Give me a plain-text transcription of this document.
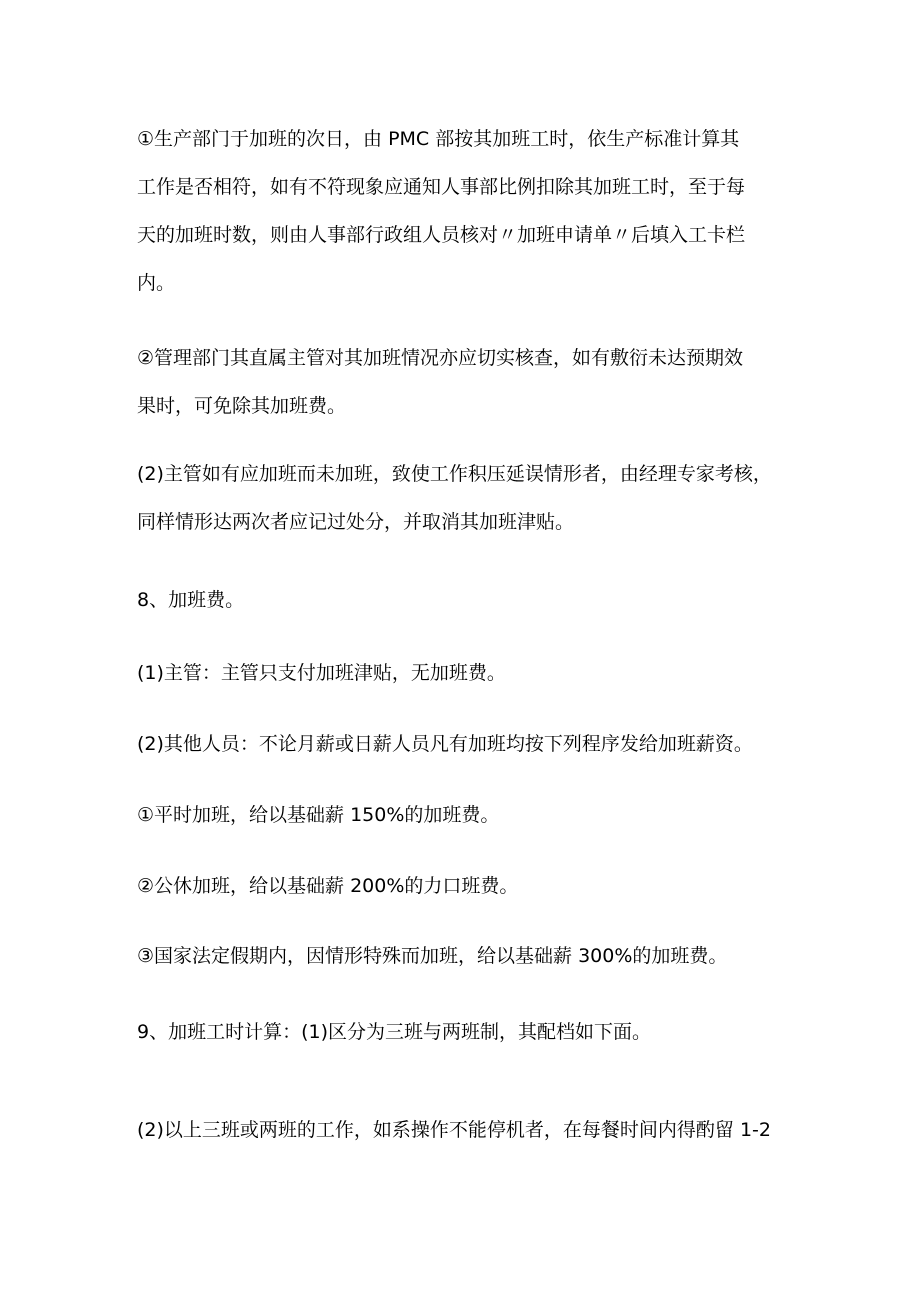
①生产部门于加班的次日，由 PMC 部按其加班工时，依生产标准计算其
工作是否相符，如有不符现象应通知人事部比例扣除其加班工时，至于每
天的加班时数，则由人事部行政组人员核对〃加班申请单〃后填入工卡栏
内。

②管理部门其直属主管对其加班情况亦应切实核查，如有敷衍未达预期效
果时，可免除其加班费。

(2)主管如有应加班而未加班，致使工作积压延误情形者，由经理专家考核，
同样情形达两次者应记过处分，并取消其加班津贴。

8、加班费。

(1)主管：主管只支付加班津贴，无加班费。

(2)其他人员：不论月薪或日薪人员凡有加班均按下列程序发给加班薪资。

①平时加班，给以基础薪 150%的加班费。

②公休加班，给以基础薪 200%的力口班费。

③国家法定假期内，因情形特殊而加班，给以基础薪 300%的加班费。

9、加班工时计算：(1)区分为三班与两班制，其配档如下面。

(2)以上三班或两班的工作，如系操作不能停机者，在每餐时间内得酌留 1-2
